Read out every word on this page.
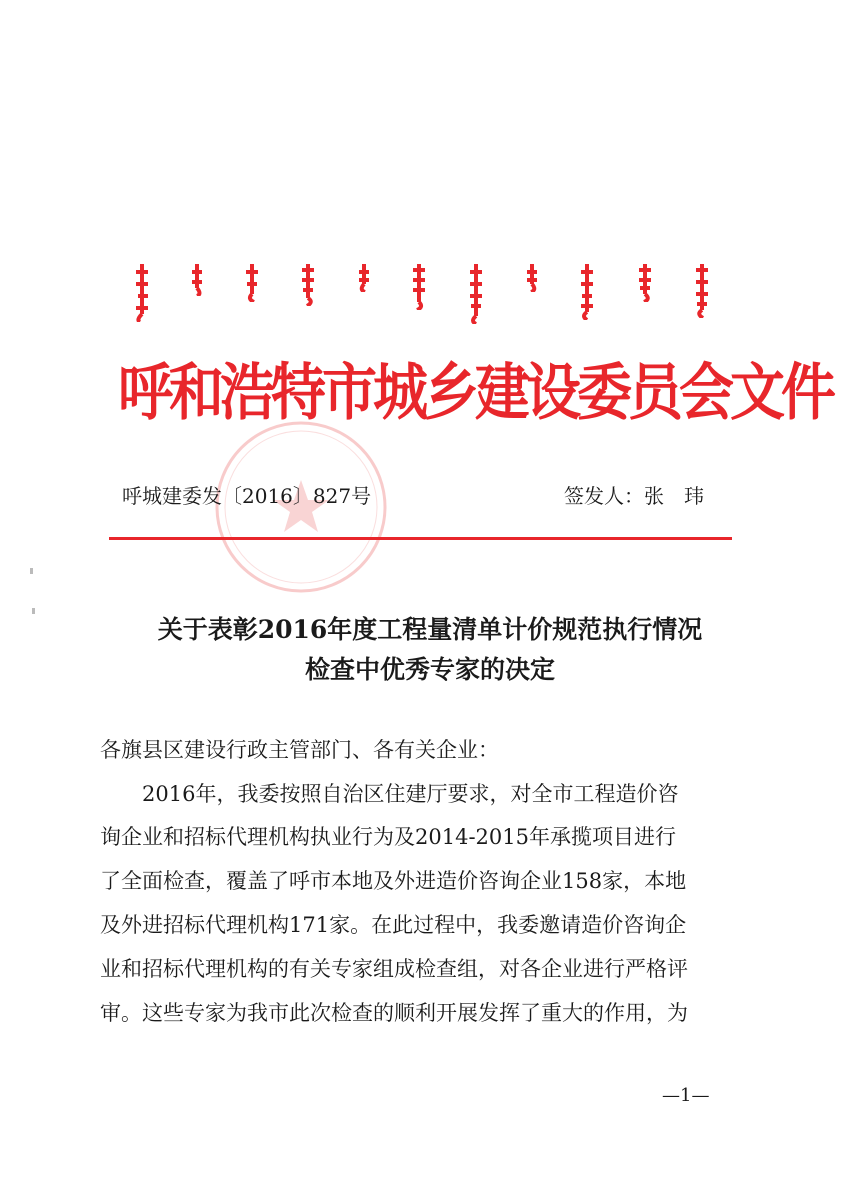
呼和浩特市城乡建设委员会文件
呼城建委发〔2016〕827号	签发人：张玮
关于表彰2016年度工程量清单计价规范执行情况
检查中优秀专家的决定
各旗县区建设行政主管部门、各有关企业：
2016年，我委按照自治区住建厅要求，对全市工程造价咨
询企业和招标代理机构执业行为及2014-2015年承揽项目进行
了全面检查，覆盖了呼市本地及外进造价咨询企业158家，本地
及外进招标代理机构171家。在此过程中，我委邀请造价咨询企
业和招标代理机构的有关专家组成检查组，对各企业进行严格评
审。这些专家为我市此次检查的顺利开展发挥了重大的作用，为
—1—
